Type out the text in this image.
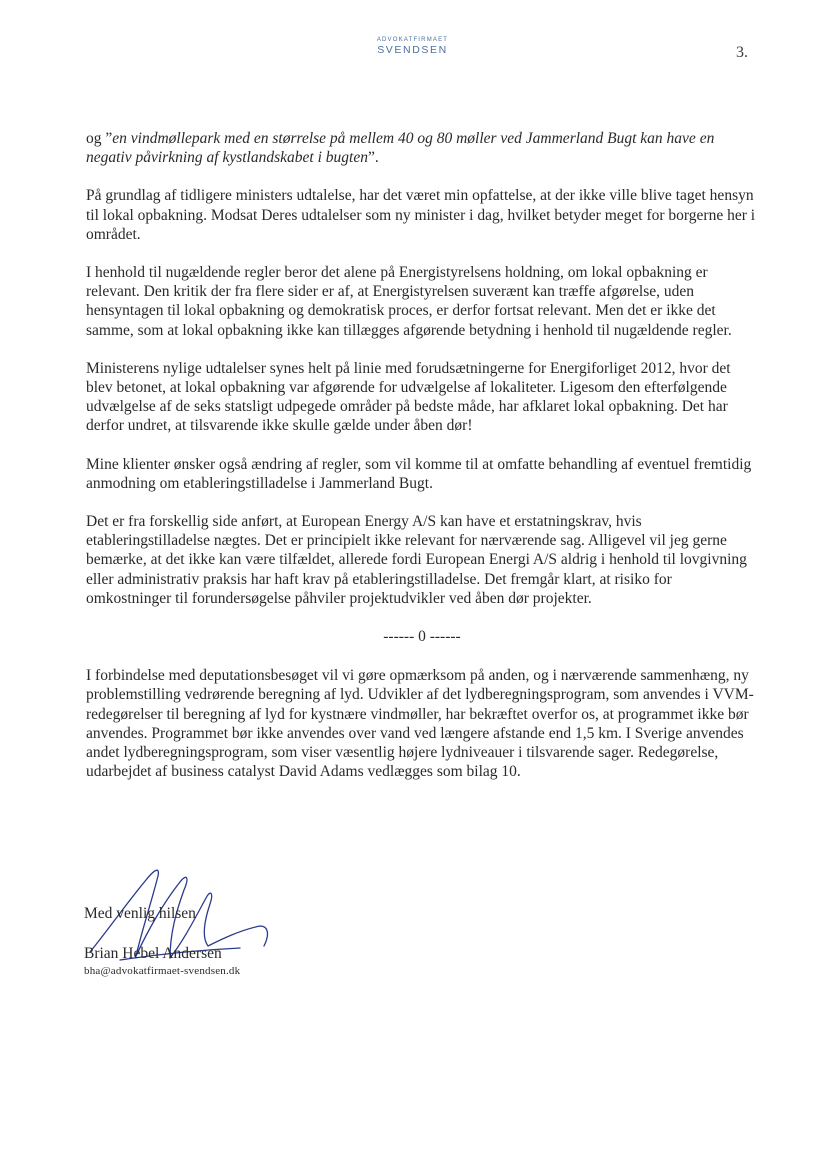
ADVOKATFIRMAET
SVENDSEN	3.

og ”en vindmøllepark med en størrelse på mellem 40 og 80 møller ved Jammerland Bugt kan have en negativ påvirkning af kystlandskabet i bugten”.

På grundlag af tidligere ministers udtalelse, har det været min opfattelse, at der ikke ville blive taget hensyn til lokal opbakning. Modsat Deres udtalelser som ny minister i dag, hvilket betyder meget for borgerne her i området.

I henhold til nugældende regler beror det alene på Energistyrelsens holdning, om lokal opbakning er relevant. Den kritik der fra flere sider er af, at Energistyrelsen suverænt kan træffe afgørelse, uden hensyntagen til lokal opbakning og demokratisk proces, er derfor fortsat relevant. Men det er ikke det samme, som at lokal opbakning ikke kan tillægges afgørende betydning i henhold til nugældende regler.

Ministerens nylige udtalelser synes helt på linie med forudsætningerne for Energiforliget 2012, hvor det blev betonet, at lokal opbakning var afgørende for udvælgelse af lokaliteter. Ligesom den efterfølgende udvælgelse af de seks statsligt udpegede områder på bedste måde, har afklaret lokal opbakning. Det har derfor undret, at tilsvarende ikke skulle gælde under åben dør!

Mine klienter ønsker også ændring af regler, som vil komme til at omfatte behandling af eventuel fremtidig anmodning om etableringstilladelse i Jammerland Bugt.

Det er fra forskellig side anført, at European Energy A/S kan have et erstatningskrav, hvis etableringstilladelse nægtes. Det er principielt ikke relevant for nærværende sag. Alligevel vil jeg gerne bemærke, at det ikke kan være tilfældet, allerede fordi European Energi A/S aldrig i henhold til lovgivning eller administrativ praksis har haft krav på etableringstilladelse. Det fremgår klart, at risiko for omkostninger til forundersøgelse påhviler projektudvikler ved åben dør projekter.

------ 0 ------

I forbindelse med deputationsbesøget vil vi gøre opmærksom på anden, og i nærværende sammenhæng, ny problemstilling vedrørende beregning af lyd. Udvikler af det lydberegningsprogram, som anvendes i VVM-redegørelser til beregning af lyd for kystnære vindmøller, har bekræftet overfor os, at programmet ikke bør anvendes. Programmet bør ikke anvendes over vand ved længere afstande end 1,5 km. I Sverige anvendes andet lydberegningsprogram, som viser væsentlig højere lydniveauer i tilsvarende sager. Redegørelse, udarbejdet af business catalyst David Adams vedlægges som bilag 10.

Med venlig hilsen
Brian Hebel Andersen
bha@advokatfirmaet-svendsen.dk
